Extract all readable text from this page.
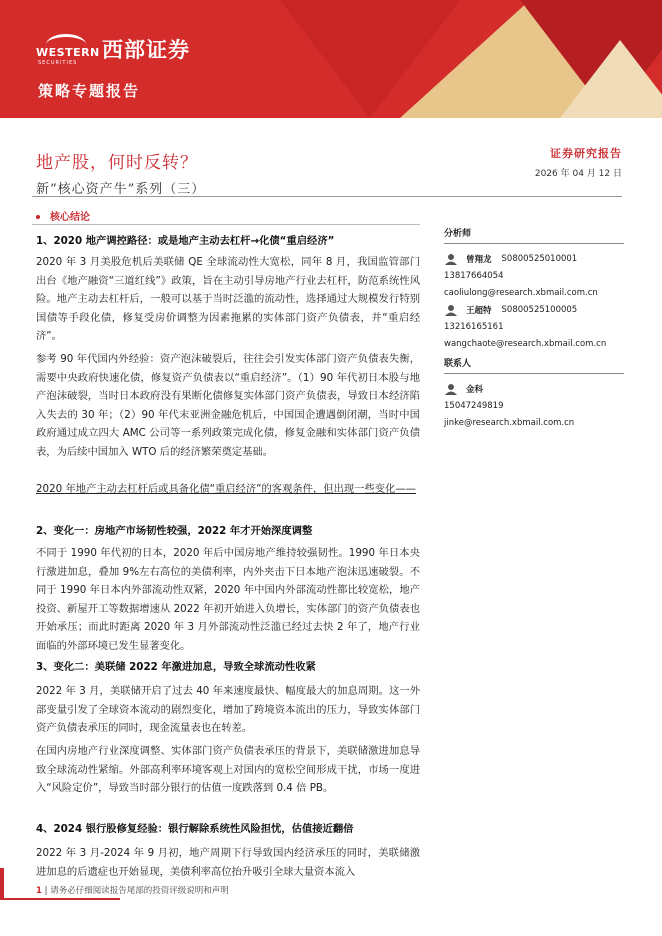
WESTERN
SECURITIES
西部证券
策略专题报告
地产股，何时反转？
新“核心资产牛”系列（三）
证券研究报告
2026 年 04 月 12 日
核心结论

1、2020 地产调控路径：或是地产主动去杠杆→化债“重启经济”

2020 年 3 月美股危机后美联储 QE 全球流动性大宽松，同年 8 月，我国监管部门出台《地产融资“三道红线”》政策，旨在主动引导房地产行业去杠杆，防范系统性风险。地产主动去杠杆后，一般可以基于当时泛滥的流动性，选择通过大规模发行特别国债等手段化债，修复受房价调整为因素拖累的实体部门资产负债表，并“重启经济”。

参考 90 年代国内外经验：资产泡沫破裂后，往往会引发实体部门资产负债表失衡，需要中央政府快速化债，修复资产负债表以“重启经济”。（1）90 年代初日本股与地产泡沫破裂，当时日本政府没有果断化债修复实体部门资产负债表，导致日本经济陷入失去的 30 年；（2）90 年代末亚洲金融危机后，中国国企遭遇倒闭潮，当时中国政府通过成立四大 AMC 公司等一系列政策完成化债，修复金融和实体部门资产负债表，为后续中国加入 WTO 后的经济繁荣奠定基础。

2020 年地产主动去杠杆后或具备化债“重启经济”的客观条件，但出现一些变化——

2、变化一：房地产市场韧性较强，2022 年才开始深度调整

不同于 1990 年代初的日本，2020 年后中国房地产维持较强韧性。1990 年日本央行激进加息，叠加 9%左右高位的美债利率，内外夹击下日本地产泡沫迅速破裂。不同于 1990 年日本内外部流动性双紧，2020 年中国内外部流动性都比较宽松，地产投资、新屋开工等数据增速从 2022 年初开始进入负增长，实体部门的资产负债表也开始承压；而此时距离 2020 年 3 月外部流动性泛滥已经过去快 2 年了，地产行业面临的外部环境已发生显著变化。

3、变化二：美联储 2022 年激进加息，导致全球流动性收紧

2022 年 3 月，美联储开启了过去 40 年来速度最快、幅度最大的加息周期。这一外部变量引发了全球资本流动的剧烈变化，增加了跨境资本流出的压力，导致实体部门资产负债表承压的同时，现金流量表也在转差。

在国内房地产行业深度调整、实体部门资产负债表承压的背景下，美联储激进加息导致全球流动性紧缩。外部高利率环境客观上对国内的宽松空间形成干扰，市场一度进入“风险定价”，导致当时部分银行的估值一度跌落到 0.4 倍 PB。

4、2024 银行股修复经验：银行解除系统性风险担忧，估值接近翻倍

2022 年 3 月-2024 年 9 月初，地产周期下行导致国内经济承压的同时，美联储激进加息的后遗症也开始显现，美债利率高位抬升吸引全球大量资本流入

分析师
曾翔龙 S0800525010001
13817664054
caoliulong@research.xbmail.com.cn
王超特 S0800525100005
13216165161
wangchaote@research.xbmail.com.cn
联系人
金科
15047249819
jinke@research.xbmail.com.cn
1 | 请务必仔细阅读报告尾部的投资评级说明和声明
